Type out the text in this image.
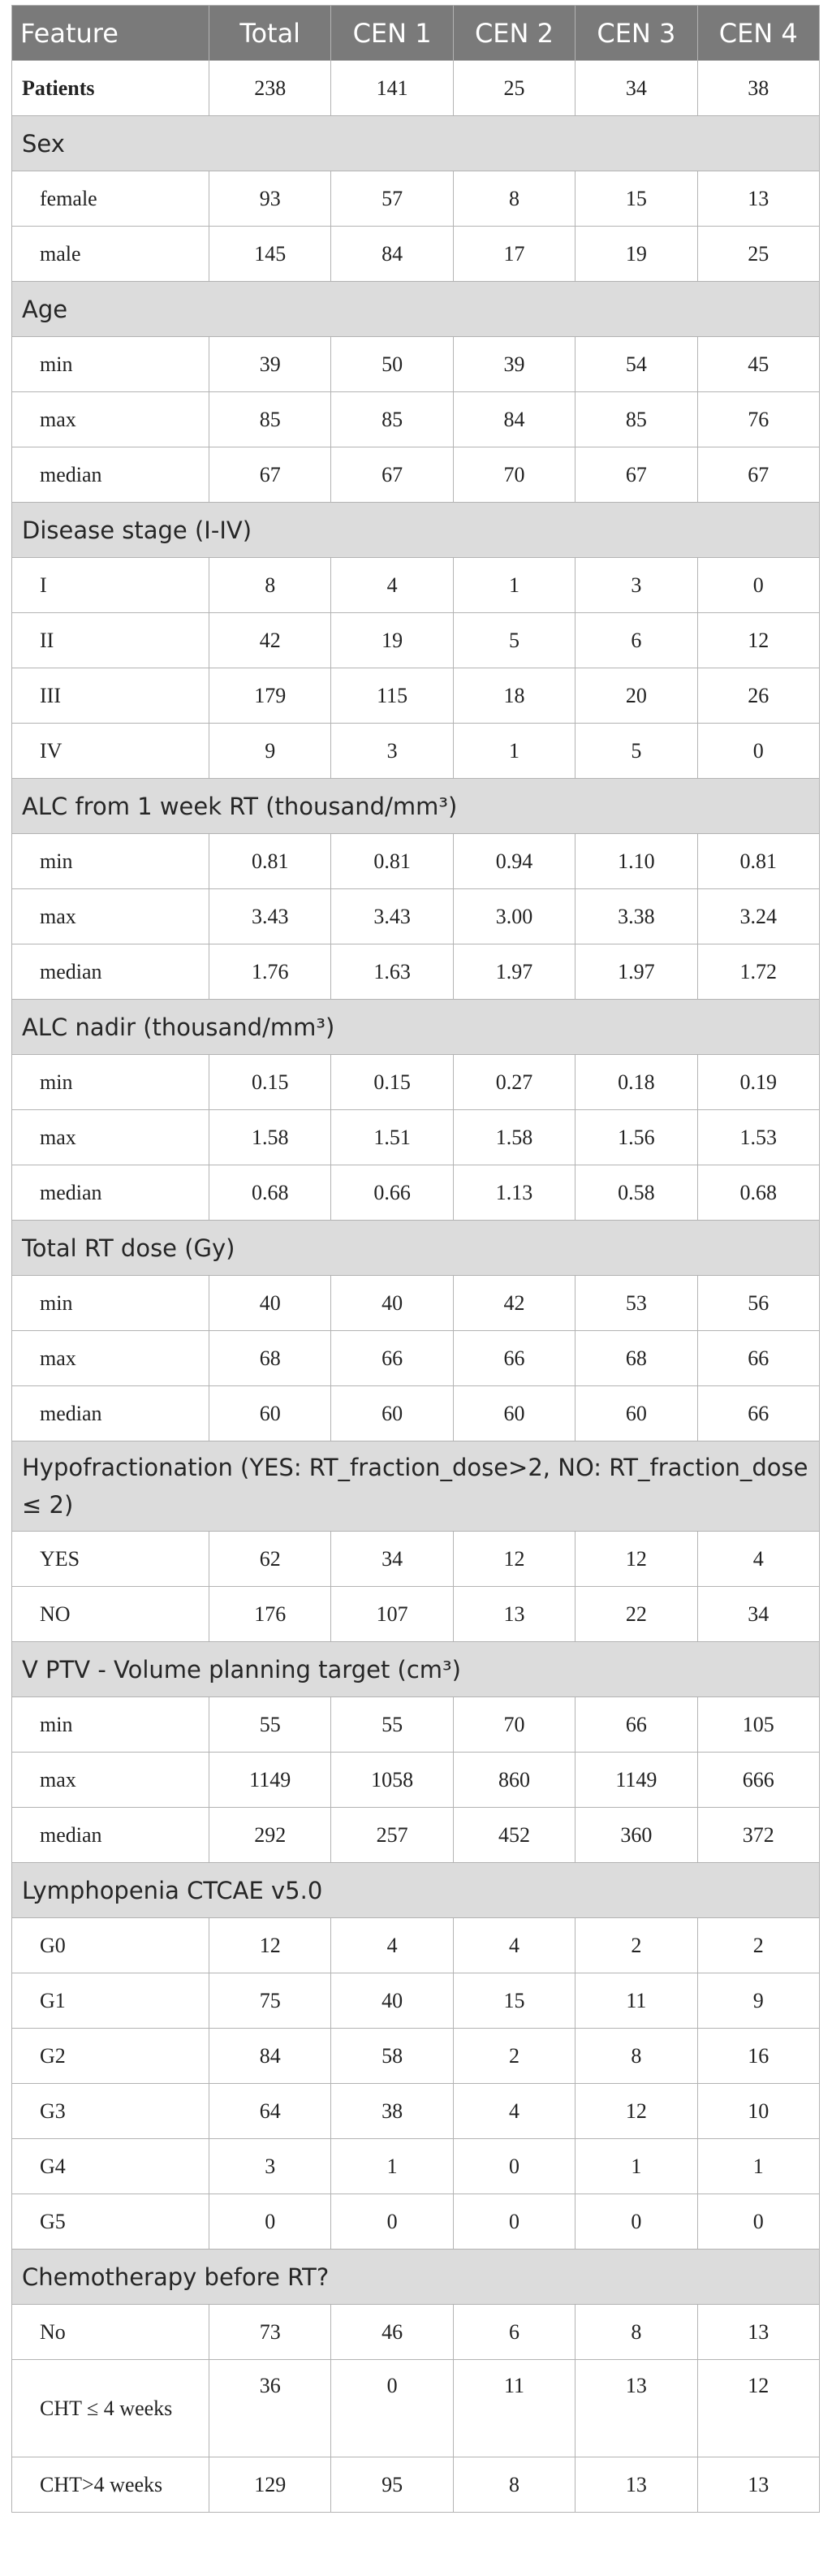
Feature	Total	CEN 1	CEN 2	CEN 3	CEN 4
Patients	238	141	25	34	38
Sex					
female	93	57	8	15	13
male	145	84	17	19	25
Age					
min	39	50	39	54	45
max	85	85	84	85	76
median	67	67	70	67	67
Disease stage (I-IV)					
I	8	4	1	3	0
II	42	19	5	6	12
III	179	115	18	20	26
IV	9	3	1	5	0
ALC from 1 week RT (thousand/mm³)					
min	0.81	0.81	0.94	1.10	0.81
max	3.43	3.43	3.00	3.38	3.24
median	1.76	1.63	1.97	1.97	1.72
ALC nadir (thousand/mm³)					
min	0.15	0.15	0.27	0.18	0.19
max	1.58	1.51	1.58	1.56	1.53
median	0.68	0.66	1.13	0.58	0.68
Total RT dose (Gy)					
min	40	40	42	53	56
max	68	66	66	68	66
median	60	60	60	60	66
Hypofractionation (YES: RT_fraction_dose>2, NO: RT_fraction_dose ≤ 2)					
YES	62	34	12	12	4
NO	176	107	13	22	34
V PTV - Volume planning target (cm³)					
min	55	55	70	66	105
max	1149	1058	860	1149	666
median	292	257	452	360	372
Lymphopenia CTCAE v5.0					
G0	12	4	4	2	2
G1	75	40	15	11	9
G2	84	58	2	8	16
G3	64	38	4	12	10
G4	3	1	0	1	1
G5	0	0	0	0	0
Chemotherapy before RT?					
No	73	46	6	8	13
CHT ≤ 4 weeks	36	0	11	13	12
CHT>4 weeks	129	95	8	13	13
